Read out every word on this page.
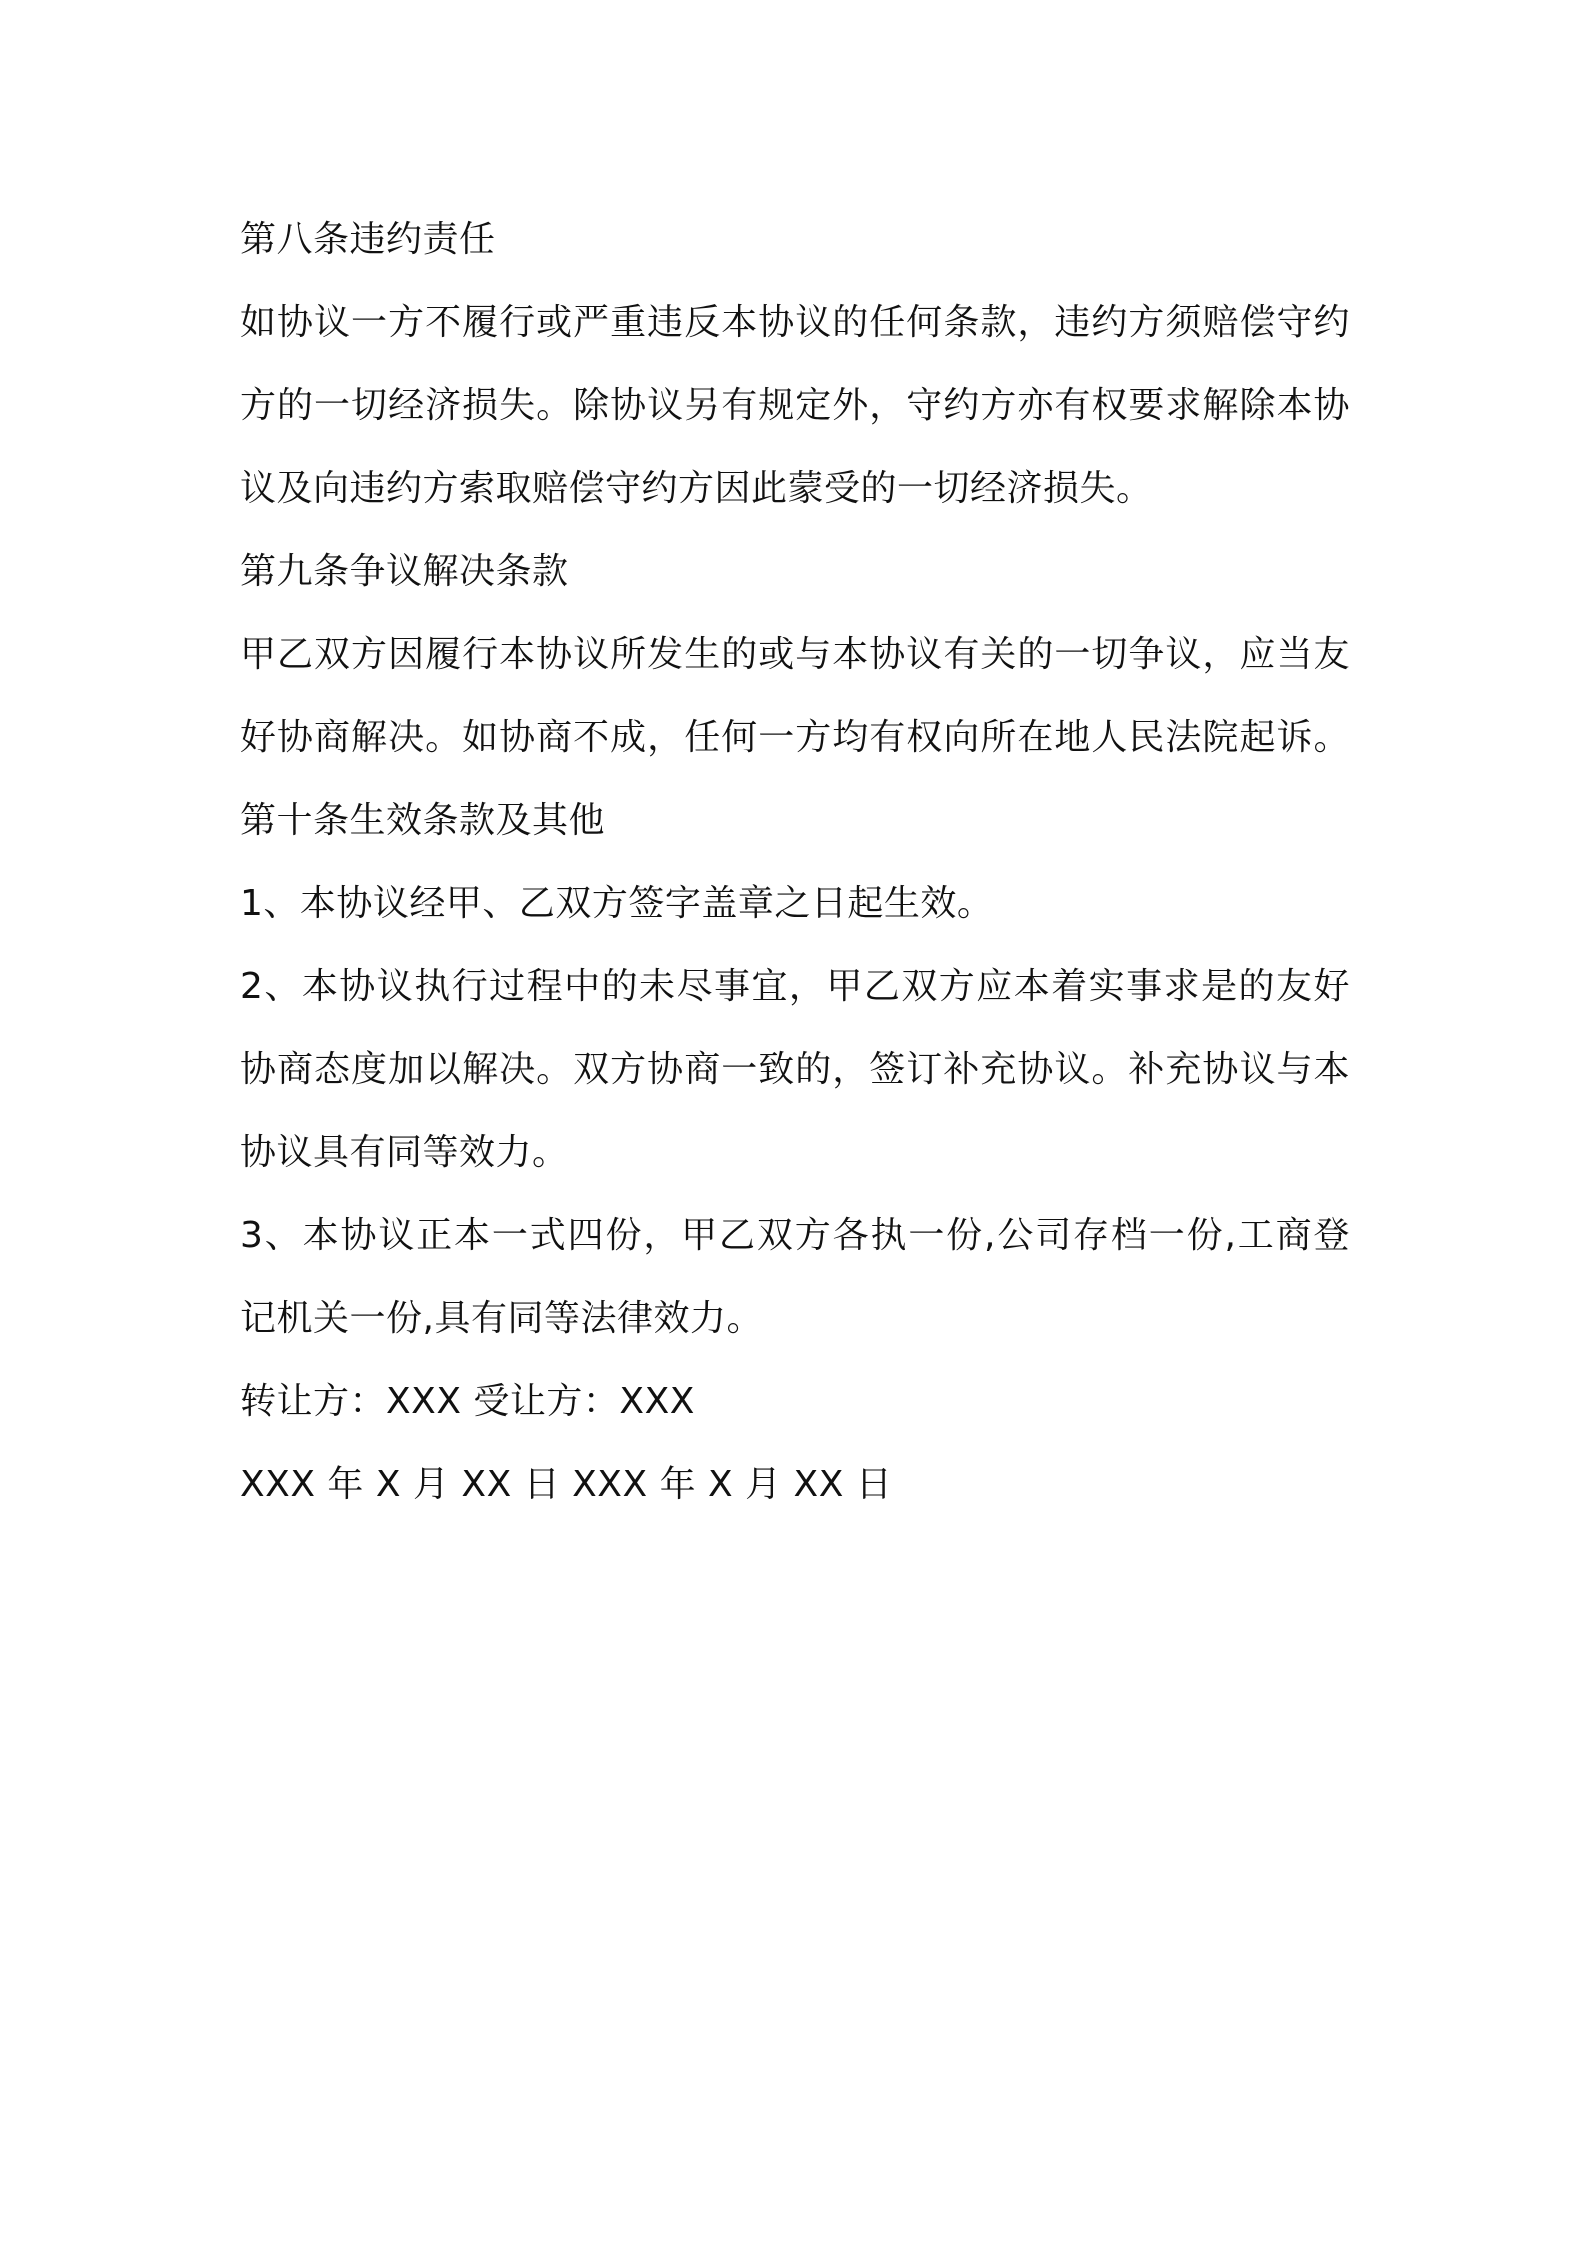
第八条违约责任

如协议一方不履行或严重违反本协议的任何条款，违约方须赔偿守约

方的一切经济损失。除协议另有规定外，守约方亦有权要求解除本协

议及向违约方索取赔偿守约方因此蒙受的一切经济损失。

第九条争议解决条款

甲乙双方因履行本协议所发生的或与本协议有关的一切争议，应当友

好协商解决。如协商不成，任何一方均有权向所在地人民法院起诉。

第十条生效条款及其他

1、本协议经甲、乙双方签字盖章之日起生效。

2、本协议执行过程中的未尽事宜，甲乙双方应本着实事求是的友好

协商态度加以解决。双方协商一致的，签订补充协议。补充协议与本

协议具有同等效力。

3、本协议正本一式四份，甲乙双方各执一份,公司存档一份,工商登

记机关一份,具有同等法律效力。

转让方：XXX 受让方：XXX

XXX 年 X 月 XX 日 XXX 年 X 月 XX 日
